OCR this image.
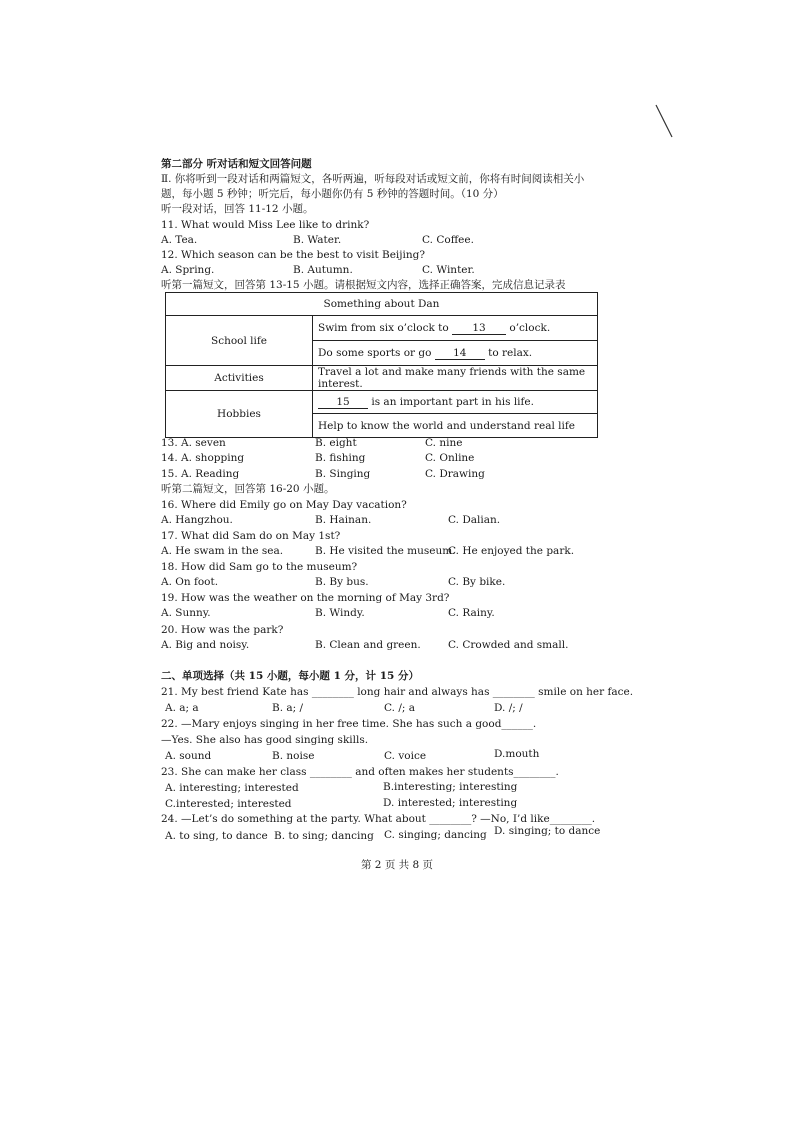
第二部分 听对话和短文回答问题
Ⅱ. 你将听到一段对话和两篇短文，各听两遍，听每段对话或短文前，你将有时间阅读相关小
题，每小题 5 秒钟；听完后，每小题你仍有 5 秒钟的答题时间。（10 分）
听一段对话，回答 11-12 小题。
11. What would Miss Lee like to drink?
A. Tea.	B. Water.	C. Coffee.
12. Which season can be the best to visit Beijing?
A. Spring.	B. Autumn.	C. Winter.
听第一篇短文，回答第 13-15 小题。请根据短文内容，选择正确答案，完成信息记录表
Something about Dan	
School life	Swim from six o’clock to 13 o’clock.
	Do some sports or go 14 to relax.
Activities	Travel a lot and make many friends with the same interest.
Hobbies	15 is an important part in his life.
	Help to know the world and understand real life
13. A. seven	B. eight	C. nine
14. A. shopping	B. fishing	C. Online
15. A. Reading	B. Singing	C. Drawing
听第二篇短文，回答第 16-20 小题。
16. Where did Emily go on May Day vacation?
A. Hangzhou.	B. Hainan.	C. Dalian.
17. What did Sam do on May 1st?
A. He swam in the sea.	B. He visited the museum.
C. He enjoyed the park.
18. How did Sam go to the museum?
A. On foot.	B. By bus.	C. By bike.
19. How was the weather on the morning of May 3rd?
A. Sunny.	B. Windy.	C. Rainy.
20. How was the park?
A. Big and noisy.	B. Clean and green.	C. Crowded and small.
二、单项选择（共 15 小题，每小题 1 分，计 15 分）
21. My best friend Kate has ________ long hair and always has ________ smile on her face.
A. a; a	B. a; /	C. /; a	D. /; /
22. —Mary enjoys singing in her free time. She has such a good______.
—Yes. She also has good singing skills.
A. sound	B. noise	C. voice	D.mouth
23. She can make her class ________ and often makes her students________.
A. interesting; interested	B.interesting; interesting
C.interested; interested	D. interested; interesting
24. —Let’s do something at the party. What about ________? —No, I’d like________.
A. to sing, to dance B. to sing; dancing C. singing; dancing D. singing; to dance
第 2 页 共 8 页
